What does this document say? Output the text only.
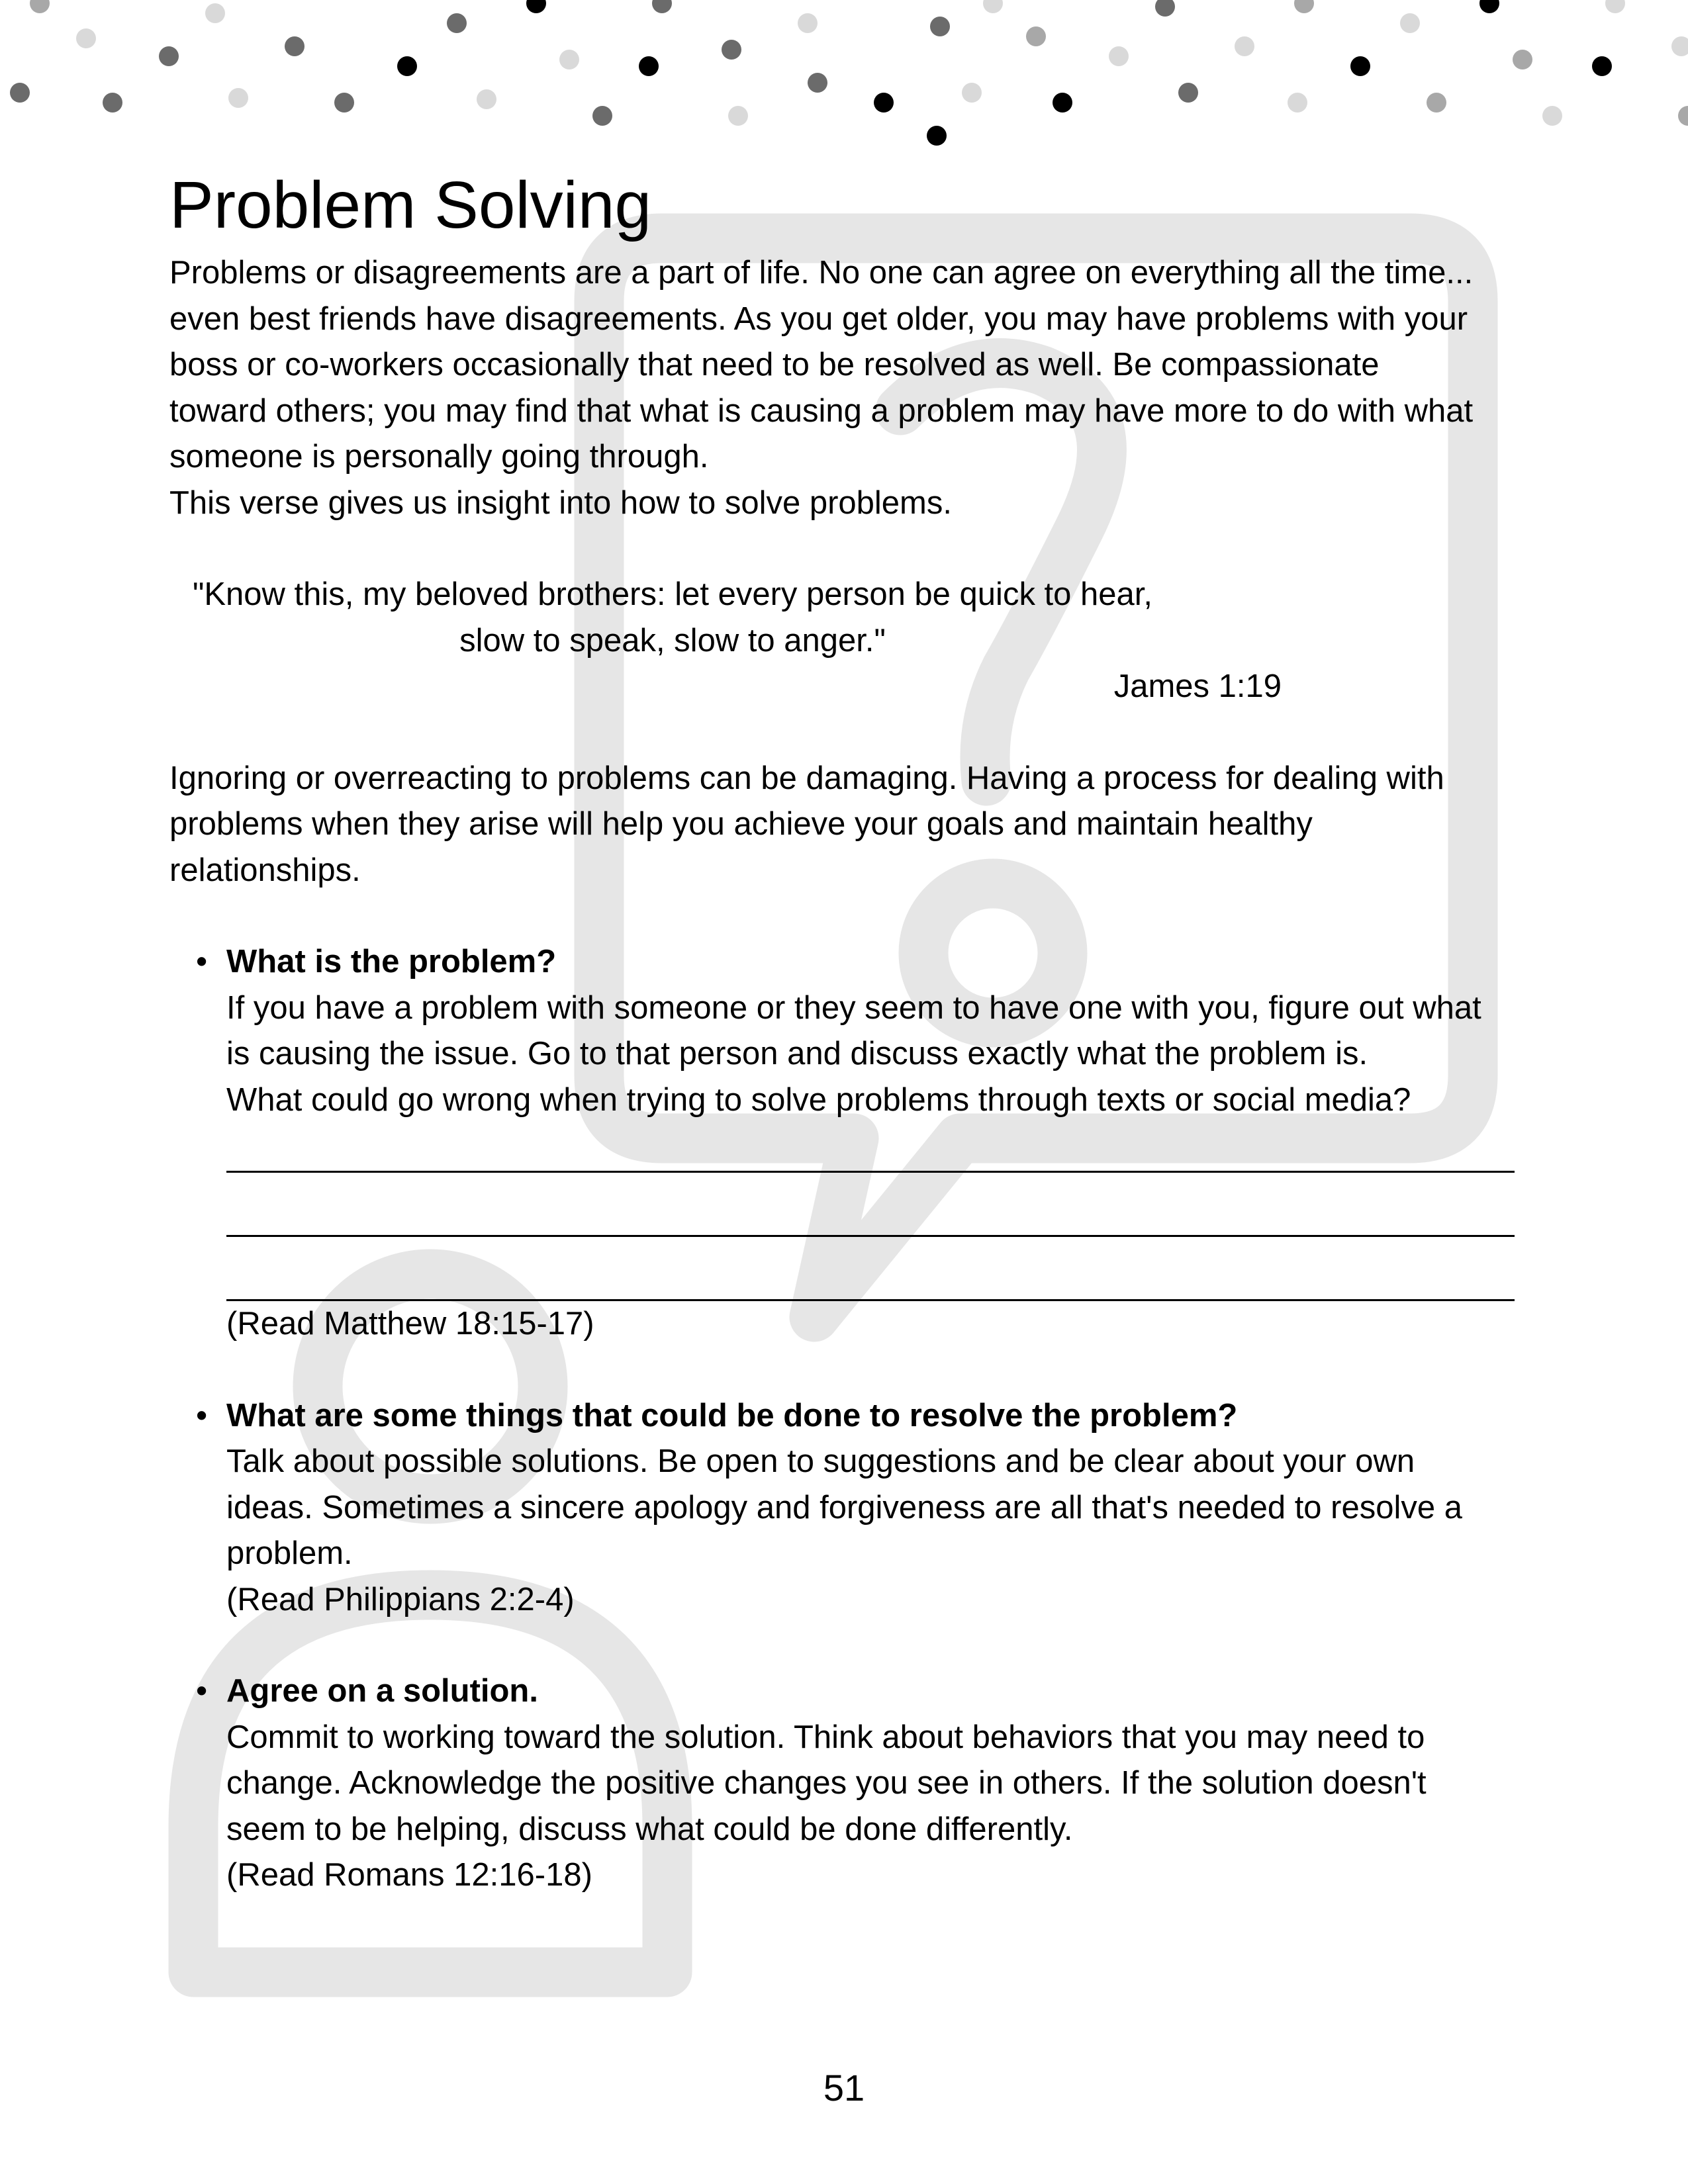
Problem Solving

Problems or disagreements are a part of life. No one can agree on everything all the time...
even best friends have disagreements. As you get older, you may have problems with your
boss or co-workers occasionally that need to be resolved as well. Be compassionate
toward others; you may find that what is causing a problem may have more to do with what
someone is personally going through.
This verse gives us insight into how to solve problems.

"Know this, my beloved brothers: let every person be quick to hear,
slow to speak, slow to anger."
James 1:19

Ignoring or overreacting to problems can be damaging. Having a process for dealing with
problems when they arise will help you achieve your goals and maintain healthy
relationships.

• What is the problem?
If you have a problem with someone or they seem to have one with you, figure out what
is causing the issue. Go to that person and discuss exactly what the problem is.
What could go wrong when trying to solve problems through texts or social media?
(Read Matthew 18:15-17)
• What are some things that could be done to resolve the problem?
Talk about possible solutions. Be open to suggestions and be clear about your own
ideas. Sometimes a sincere apology and forgiveness are all that's needed to resolve a
problem.
(Read Philippians 2:2-4)
• Agree on a solution.
Commit to working toward the solution. Think about behaviors that you may need to
change. Acknowledge the positive changes you see in others. If the solution doesn't
seem to be helping, discuss what could be done differently.
(Read Romans 12:16-18)
51
